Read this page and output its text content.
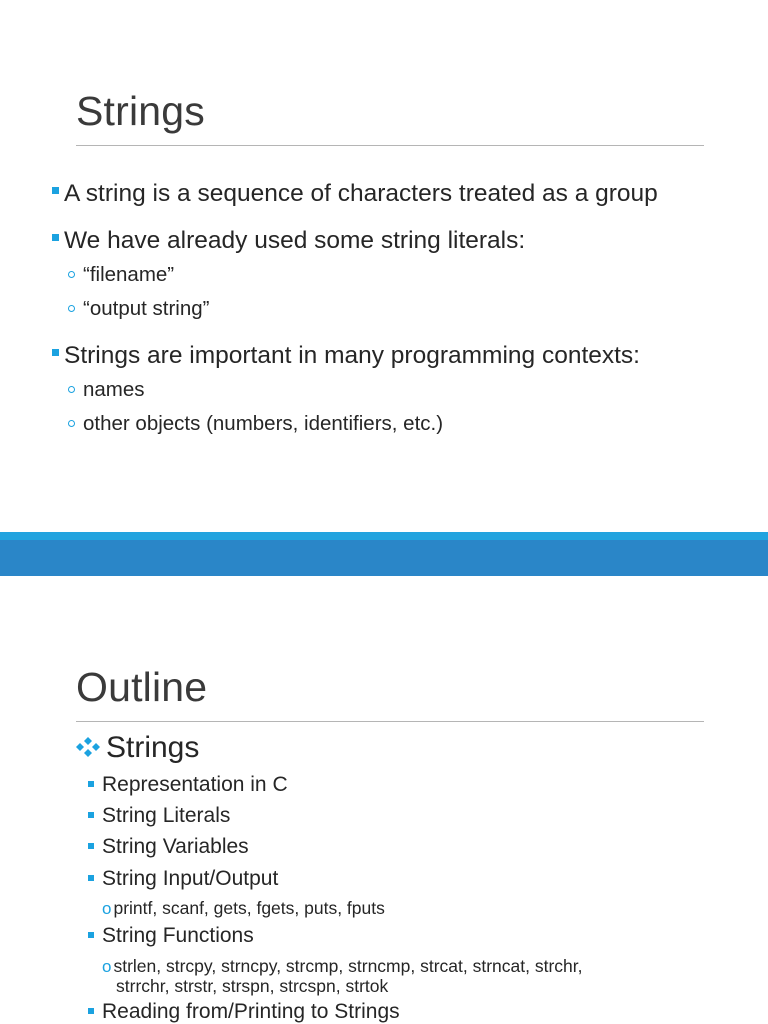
Strings
A string is a sequence of characters treated as a group
We have already used some string literals:
“filename”
“output string”
Strings are important in many programming contexts:
names
other objects (numbers, identifiers, etc.)
Outline
Strings
Representation in C
String Literals
String Variables
String Input/Output
o printf, scanf, gets, fgets, puts, fputs
String Functions
o strlen, strcpy, strncpy, strcmp, strncmp, strcat, strncat, strchr,
strrchr, strstr, strspn, strcspn, strtok
Reading from/Printing to Strings
